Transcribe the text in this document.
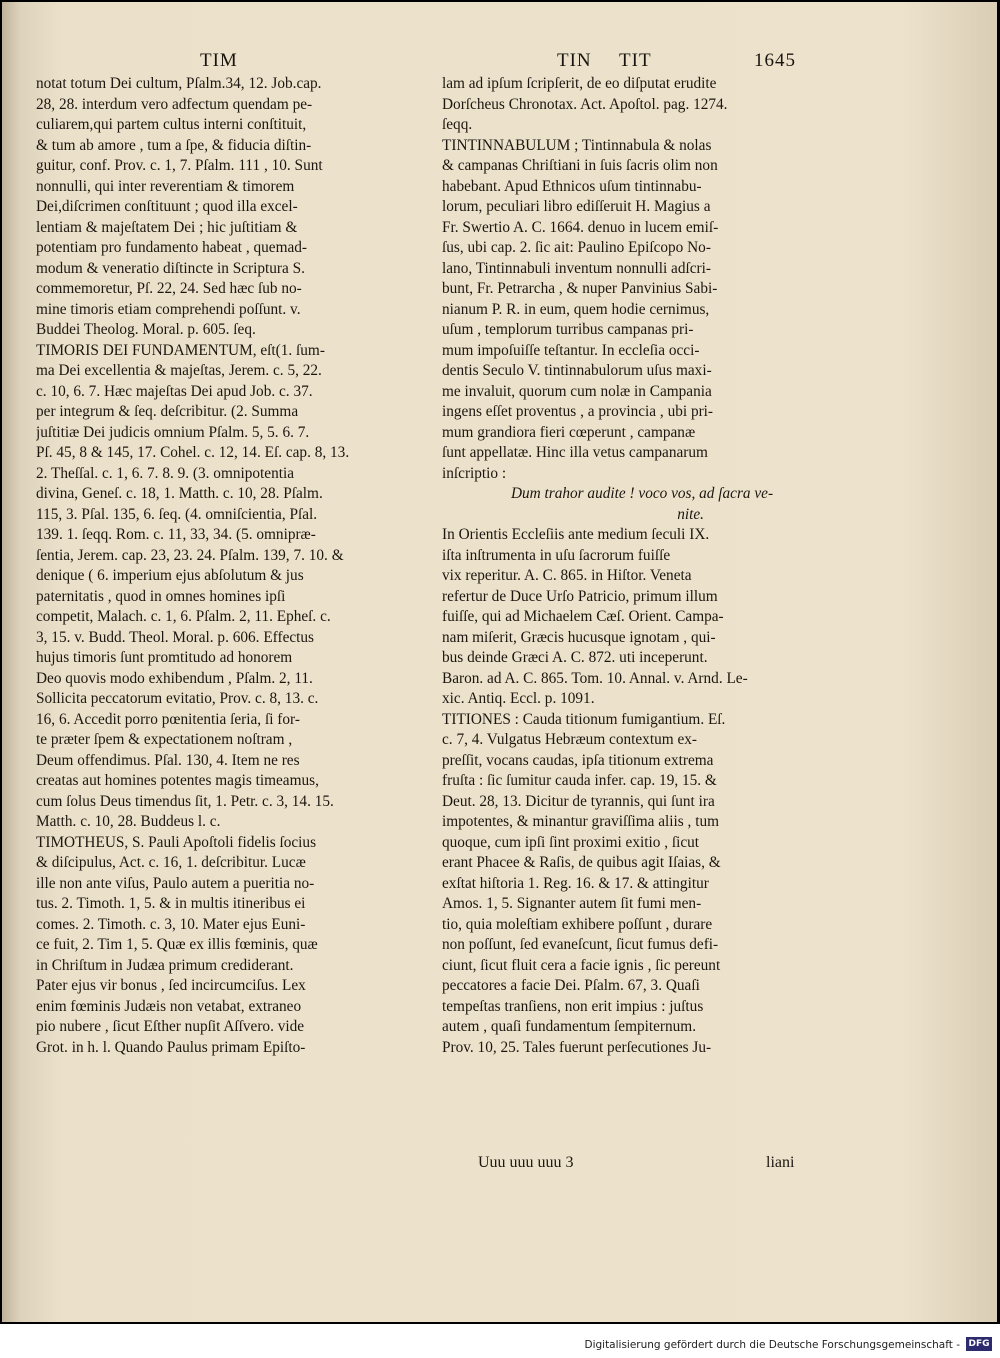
TIM	TIN TIT	1645
notat totum Dei cultum, Pſalm.34, 12. Job.cap.
28, 28. interdum vero adfectum quendam pe-
culiarem,qui partem cultus interni conſtituit,
& tum ab amore , tum a ſpe, & fiducia diſtin-
guitur, conf. Prov. c. 1, 7. Pſalm. 111 , 10. Sunt
nonnulli, qui inter reverentiam & timorem
Dei,diſcrimen conſtituunt ; quod illa excel-
lentiam & majeſtatem Dei ; hic juſtitiam &
potentiam pro fundamento habeat , quemad-
modum & veneratio diſtincte in Scriptura S.
commemoretur, Pſ. 22, 24. Sed hæc ſub no-
mine timoris etiam comprehendi poſſunt. v.
Buddei Theolog. Moral. p. 605. ſeq.
TIMORIS DEI FUNDAMENTUM, eſt(1. ſum-
ma Dei excellentia & majeſtas, Jerem. c. 5, 22.
c. 10, 6. 7. Hæc majeſtas Dei apud Job. c. 37.
per integrum & ſeq. deſcribitur. (2. Summa
juſtitiæ Dei judicis omnium Pſalm. 5, 5. 6. 7.
Pſ. 45, 8 & 145, 17. Cohel. c. 12, 14. Eſ. cap. 8, 13.
2. Theſſal. c. 1, 6. 7. 8. 9. (3. omnipotentia
divina, Geneſ. c. 18, 1. Matth. c. 10, 28. Pſalm.
115, 3. Pſal. 135, 6. ſeq. (4. omniſcientia, Pſal.
139. 1. ſeqq. Rom. c. 11, 33, 34. (5. omnipræ-
ſentia, Jerem. cap. 23, 23. 24. Pſalm. 139, 7. 10. &
denique ( 6. imperium ejus abſolutum & jus
paternitatis , quod in omnes homines ipſi
competit, Malach. c. 1, 6. Pſalm. 2, 11. Epheſ. c.
3, 15. v. Budd. Theol. Moral. p. 606. Effectus
hujus timoris ſunt promtitudo ad honorem
Deo quovis modo exhibendum , Pſalm. 2, 11.
Sollicita peccatorum evitatio, Prov. c. 8, 13. c.
16, 6. Accedit porro pœnitentia ſeria, ſi for-
te præter ſpem & expectationem noſtram ,
Deum offendimus. Pſal. 130, 4. Item ne res
creatas aut homines potentes magis timeamus,
cum ſolus Deus timendus ſit, 1. Petr. c. 3, 14. 15.
Matth. c. 10, 28. Buddeus l. c.
TIMOTHEUS, S. Pauli Apoſtoli fidelis ſocius
& diſcipulus, Act. c. 16, 1. deſcribitur. Lucæ
ille non ante viſus, Paulo autem a pueritia no-
tus. 2. Timoth. 1, 5. & in multis itineribus ei
comes. 2. Timoth. c. 3, 10. Mater ejus Euni-
ce fuit, 2. Tim 1, 5. Quæ ex illis fœminis, quæ
in Chriſtum in Judæa primum crediderant.
Pater ejus vir bonus , ſed incircumciſus. Lex
enim fœminis Judæis non vetabat, extraneo
pio nubere , ſicut Eſther nupſit Aſſvero. vide
Grot. in h. l. Quando Paulus primam Epiſto-
lam ad ipſum ſcripſerit, de eo diſputat erudite
Dorſcheus Chronotax. Act. Apoſtol. pag. 1274.
ſeqq.
TINTINNABULUM ; Tintinnabula & nolas
& campanas Chriſtiani in ſuis ſacris olim non
habebant. Apud Ethnicos uſum tintinnabu-
lorum, peculiari libro ediſſeruit H. Magius a
Fr. Swertio A. C. 1664. denuo in lucem emiſ-
ſus, ubi cap. 2. ſic ait: Paulino Epiſcopo No-
lano, Tintinnabuli inventum nonnulli adſcri-
bunt, Fr. Petrarcha , & nuper Panvinius Sabi-
nianum P. R. in eum, quem hodie cernimus,
uſum , templorum turribus campanas pri-
mum impoſuiſſe teſtantur. In eccleſia occi-
dentis Seculo V. tintinnabulorum uſus maxi-
me invaluit, quorum cum nolæ in Campania
ingens eſſet proventus , a provincia , ubi pri-
mum grandiora fieri cœperunt , campanæ
ſunt appellatæ. Hinc illa vetus campanarum
inſcriptio :
Dum trahor audite ! voco vos, ad ſacra ve-
nite.
In Orientis Eccleſiis ante medium ſeculi IX.
iſta inſtrumenta in uſu ſacrorum fuiſſe
vix reperitur. A. C. 865. in Hiſtor. Veneta
refertur de Duce Urſo Patricio, primum illum
fuiſſe, qui ad Michaelem Cæſ. Orient. Campa-
nam miſerit, Græcis hucusque ignotam , qui-
bus deinde Græci A. C. 872. uti inceperunt.
Baron. ad A. C. 865. Tom. 10. Annal. v. Arnd. Le-
xic. Antiq. Eccl. p. 1091.
TITIONES : Cauda titionum fumigantium. Eſ.
c. 7, 4. Vulgatus Hebræum contextum ex-
preſſit, vocans caudas, ipſa titionum extrema
fruſta : ſic ſumitur cauda infer. cap. 19, 15. &
Deut. 28, 13. Dicitur de tyrannis, qui ſunt ira
impotentes, & minantur graviſſima aliis , tum
quoque, cum ipſi ſint proximi exitio , ſicut
erant Phacee & Raſis, de quibus agit Iſaias, &
exſtat hiſtoria 1. Reg. 16. & 17. & attingitur
Amos. 1, 5. Signanter autem ſit fumi men-
tio, quia moleſtiam exhibere poſſunt , durare
non poſſunt, ſed evaneſcunt, ſicut fumus defi-
ciunt, ſicut fluit cera a facie ignis , ſic pereunt
peccatores a facie Dei. Pſalm. 67, 3. Quaſi
tempeſtas tranſiens, non erit impius : juſtus
autem , quaſi fundamentum ſempiternum.
Prov. 10, 25. Tales fuerunt perſecutiones Ju-
Uuu uuu uuu 3	liani
Digitalisierung gefördert durch die Deutsche Forschungsgemeinschaft - DFG
